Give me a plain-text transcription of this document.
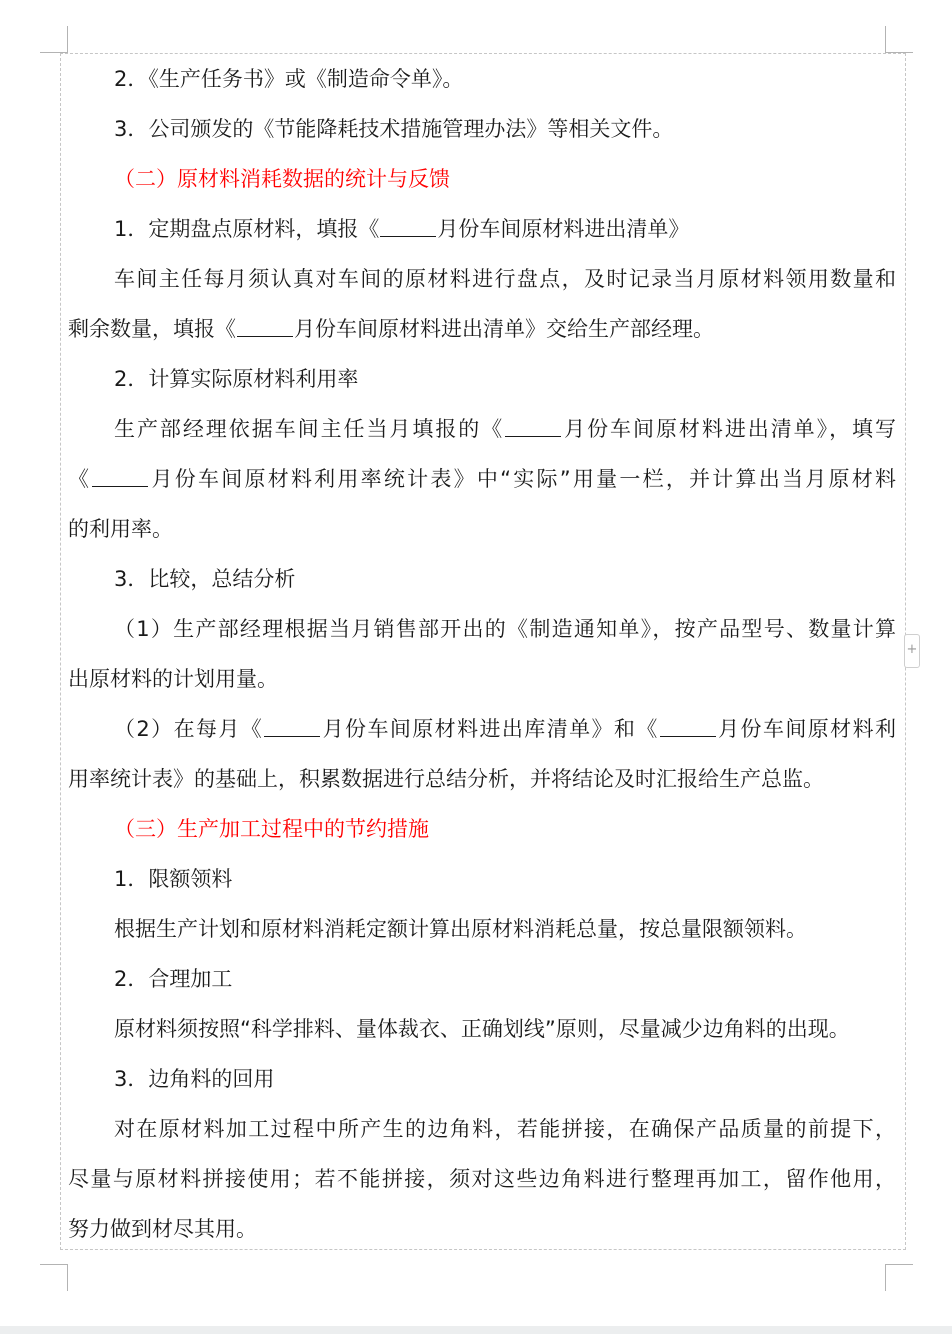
2．《生产任务书》或《制造命令单》。
3．公司颁发的《节能降耗技术措施管理办法》等相关文件。
（二）原材料消耗数据的统计与反馈
1．定期盘点原材料，填报《	月份车间原材料进出清单》
车间主任每月须认真对车间的原材料进行盘点，及时记录当月原材料领用数量和
剩余数量，填报《	月份车间原材料进出清单》交给生产部经理。
2．计算实际原材料利用率
生产部经理依据车间主任当月填报的《	月份车间原材料进出清单》，填写
《	月份车间原材料利用率统计表》中“实际”用量一栏，并计算出当月原材料
的利用率。
3．比较，总结分析
（1）生产部经理根据当月销售部开出的《制造通知单》，按产品型号、数量计算
出原材料的计划用量。
（2）在每月《	月份车间原材料进出库清单》和《	月份车间原材料利
用率统计表》的基础上，积累数据进行总结分析，并将结论及时汇报给生产总监。
（三）生产加工过程中的节约措施
1．限额领料
根据生产计划和原材料消耗定额计算出原材料消耗总量，按总量限额领料。
2．合理加工
原材料须按照“科学排料、量体裁衣、正确划线”原则，尽量减少边角料的出现。
3．边角料的回用
对在原材料加工过程中所产生的边角料，若能拼接，在确保产品质量的前提下，
尽量与原材料拼接使用；若不能拼接，须对这些边角料进行整理再加工，留作他用，
努力做到材尽其用。
+
